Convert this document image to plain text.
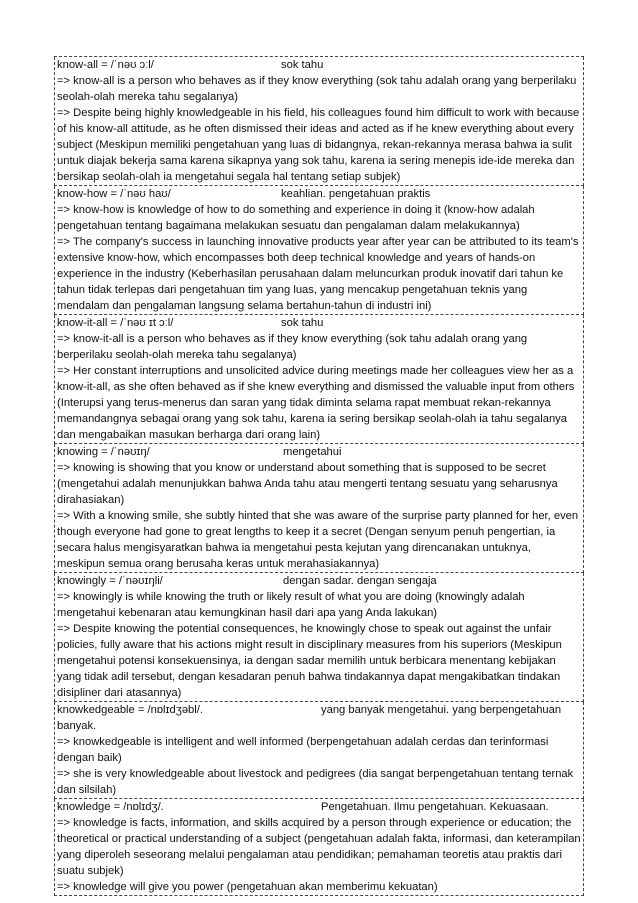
know-all = /ˈnəʊ ɔːl/	sok tahu
=> know-all is a person who behaves as if they know everything (sok tahu adalah orang yang berperilaku seolah-olah mereka tahu segalanya)
=> Despite being highly knowledgeable in his field, his colleagues found him difficult to work with because of his know-all attitude, as he often dismissed their ideas and acted as if he knew everything about every subject (Meskipun memiliki pengetahuan yang luas di bidangnya, rekan-rekannya merasa bahwa ia sulit untuk diajak bekerja sama karena sikapnya yang sok tahu, karena ia sering menepis ide-ide mereka dan bersikap seolah-olah ia mengetahui segala hal tentang setiap subjek)
know-how = /ˈnəʊ haʊ/	keahlian. pengetahuan praktis
=> know-how is knowledge of how to do something and experience in doing it (know-how adalah pengetahuan tentang bagaimana melakukan sesuatu dan pengalaman dalam melakukannya)
=> The company's success in launching innovative products year after year can be attributed to its team's extensive know-how, which encompasses both deep technical knowledge and years of hands-on experience in the industry (Keberhasilan perusahaan dalam meluncurkan produk inovatif dari tahun ke tahun tidak terlepas dari pengetahuan tim yang luas, yang mencakup pengetahuan teknis yang mendalam dan pengalaman langsung selama bertahun-tahun di industri ini)
know-it-all = /ˈnəʊ ɪt ɔːl/	sok tahu
=> know-it-all is a person who behaves as if they know everything (sok tahu adalah orang yang berperilaku seolah-olah mereka tahu segalanya)
=> Her constant interruptions and unsolicited advice during meetings made her colleagues view her as a know-it-all, as she often behaved as if she knew everything and dismissed the valuable input from others (Interupsi yang terus-menerus dan saran yang tidak diminta selama rapat membuat rekan-rekannya memandangnya sebagai orang yang sok tahu, karena ia sering bersikap seolah-olah ia tahu segalanya dan mengabaikan masukan berharga dari orang lain)
knowing = /ˈnəʊɪŋ/	mengetahui
=> knowing is showing that you know or understand about something that is supposed to be secret (mengetahui adalah menunjukkan bahwa Anda tahu atau mengerti tentang sesuatu yang seharusnya dirahasiakan)
=> With a knowing smile, she subtly hinted that she was aware of the surprise party planned for her, even though everyone had gone to great lengths to keep it a secret (Dengan senyum penuh pengertian, ia secara halus mengisyaratkan bahwa ia mengetahui pesta kejutan yang direncanakan untuknya, meskipun semua orang berusaha keras untuk merahasiakannya)
knowingly = /ˈnəʊɪŋli/	dengan sadar. dengan sengaja
=> knowingly is while knowing the truth or likely result of what you are doing (knowingly adalah mengetahui kebenaran atau kemungkinan hasil dari apa yang Anda lakukan)
=> Despite knowing the potential consequences, he knowingly chose to speak out against the unfair policies, fully aware that his actions might result in disciplinary measures from his superiors (Meskipun mengetahui potensi konsekuensinya, ia dengan sadar memilih untuk berbicara menentang kebijakan yang tidak adil tersebut, dengan kesadaran penuh bahwa tindakannya dapat mengakibatkan tindakan disipliner dari atasannya)
knowkedgeable = /nɒlɪdʒəbl/.	yang banyak mengetahui. yang berpengetahuan banyak.
=> knowkedgeable is intelligent and well informed (berpengetahuan adalah cerdas dan terinformasi dengan baik)
=> she is very knowledgeable about livestock and pedigrees (dia sangat berpengetahuan tentang ternak dan silsilah)
knowledge = /nɒlɪdʒ/.	Pengetahuan. Ilmu pengetahuan. Kekuasaan.
=> knowledge is facts, information, and skills acquired by a person through experience or education; the theoretical or practical understanding of a subject (pengetahuan adalah fakta, informasi, dan keterampilan yang diperoleh seseorang melalui pengalaman atau pendidikan; pemahaman teoretis atau praktis dari suatu subjek)
=> knowledge will give you power (pengetahuan akan memberimu kekuatan)
